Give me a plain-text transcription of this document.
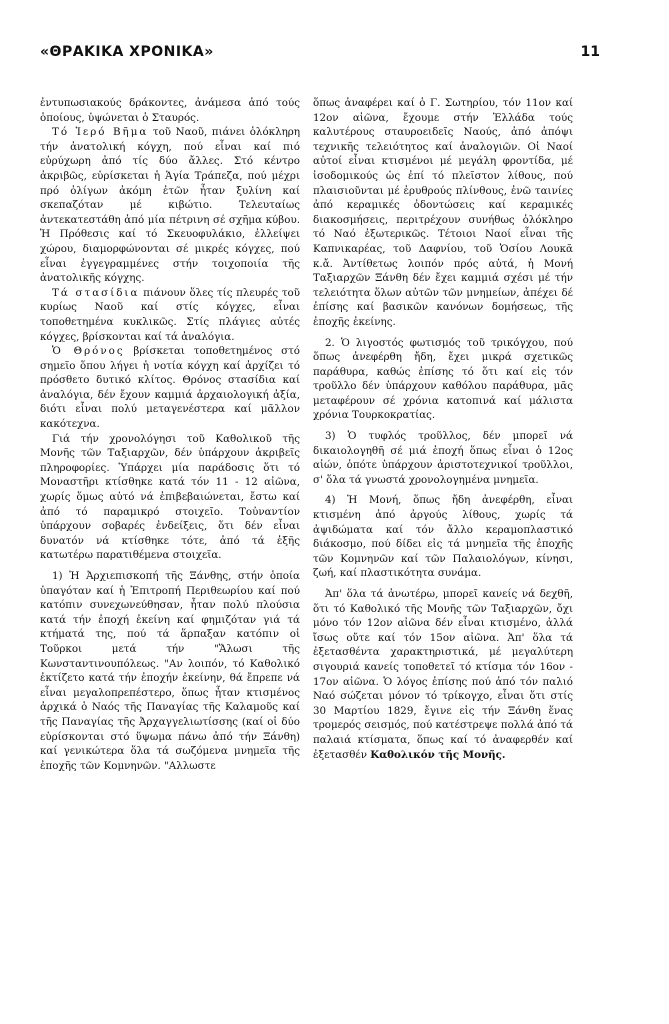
«ΘΡΑΚΙΚΑ ΧΡΟΝΙΚΑ»	11

ἐντυπωσιακούς δράκοντες, ἀνάμεσα ἀπό τούς ὁποίους, ὑψώνεται ὁ Σταυρός.

Τό Ἱερό Βῆμα τοῦ Ναοῦ, πιάνει ὁλόκληρη τήν ἀνατολική κόγχη, πού εἶναι καί πιό εὐρύχωρη ἀπό τίς δύο ἄλλες. Στό κέντρο ἀκριβῶς, εὑρίσκεται ἡ Ἁγία Τράπεζα, πού μέχρι πρό ὀλίγων ἀκόμη ἐτῶν ἦταν ξυλίνη καί σκεπαζόταν μέ κιβώτιο. Τελευταίως ἀντεκατεστάθη ἀπό μία πέτρινη σέ σχῆμα κύβου. Ἡ Πρόθεσις καί τό Σκευοφυλάκιο, ἐλλείψει χώρου, διαμορφώνονται σέ μικρές κόγχες, πού εἶναι ἐγγεγραμμένες στήν τοιχοποιία τῆς ἀνατολικῆς κόγχης.

Τά στασίδια πιάνουν ὅλες τίς πλευρές τοῦ κυρίως Ναοῦ καί στίς κόγχες, εἶναι τοποθετημένα κυκλικῶς. Στίς πλάγιες αὐτές κόγχες, βρίσκονται καί τά ἀναλόγια.

Ὁ Θρόνος βρίσκεται τοποθετημένος στό σημεῖο ὅπου λήγει ἡ νοτία κόγχη καί ἀρχίζει τό πρόσθετο δυτικό κλίτος. Θρόνος στασίδια καί ἀναλόγια, δέν ἔχουν καμμιά ἀρχαιολογική ἀξία, διότι εἶναι πολύ μεταγενέστερα καί μᾶλλον κακότεχνα.

Γιά τήν χρονολόγησι τοῦ Καθολικοῦ τῆς Μονῆς τῶν Ταξιαρχῶν, δέν ὑπάρχουν ἀκριβεῖς πληροφορίες. Ὑπάρχει μία παράδοσις ὅτι τό Μοναστῆρι κτίσθηκε κατά τόν 11 - 12 αἰῶνα, χωρίς ὅμως αὐτό νά ἐπιβεβαιώνεται, ἔστω καί ἀπό τό παραμικρό στοιχεῖο. Τοὐναντίον ὑπάρχουν σοβαρές ἐνδείξεις, ὅτι δέν εἶναι δυνατόν νά κτίσθηκε τότε, ἀπό τά ἑξῆς κατωτέρω παρατιθέμενα στοιχεῖα.

1) Ἡ Ἀρχιεπισκοπή τῆς Ξάνθης, στήν ὁποία ὑπαγόταν καί ἡ Ἐπιτροπή Περιθεωρίου καί πού κατόπιν συνεχωνεύθησαν, ἦταν πολύ πλούσια κατά τήν ἐποχή ἐκείνη καί φημιζόταν γιά τά κτήματά της, πού τά ἅρπαξαν κατόπιν οἱ Τοῦρκοι μετά τήν "Ἅλωσι τῆς Κωνσταντινουπόλεως. "Αν λοιπόν, τό Καθολικό ἐκτίζετο κατά τήν ἐποχήν ἐκείνην, θά ἔπρεπε νά εἶναι μεγαλοπρεπέστερο, ὅπως ἦταν κτισμένος ἀρχικά ὁ Ναός τῆς Παναγίας τῆς Καλαμοῦς καί τῆς Παναγίας τῆς Ἀρχαγγελιωτίσσης (καί οἱ δύο εὑρίσκονται στό ὕψωμα πάνω ἀπό τήν Ξάνθη) καί γενικώτερα ὅλα τά σωζόμενα μνημεῖα τῆς ἐποχῆς τῶν Κομνηνῶν. "Αλλωστε

ὅπως ἀναφέρει καί ὁ Γ. Σωτηρίου, τόν 11ον καί 12ον αἰῶνα, ἔχουμε στήν Ἑλλάδα τούς καλυτέρους σταυροειδεῖς Ναούς, ἀπό ἀπόψι τεχνικῆς τελειότητος καί ἀναλογιῶν. Οἱ Ναοί αὐτοί εἶναι κτισμένοι μέ μεγάλη φροντίδα, μέ ἰσοδομικούς ὡς ἐπί τό πλεῖστον λίθους, πού πλαισιοῦνται μέ ἐρυθρούς πλίνθους, ἐνῶ ταινίες ἀπό κεραμικές ὀδοντώσεις καί κεραμικές διακοσμήσεις, περιτρέχουν συνήθως ὁλόκληρο τό Ναό ἐξωτερικῶς. Τέτοιοι Ναοί εἶναι τῆς Καπνικαρέας, τοῦ Δαφνίου, τοῦ Ὁσίου Λουκᾶ κ.ἄ. Ἀντίθετως λοιπόν πρός αὐτά, ἡ Μονή Ταξιαρχῶν Ξάνθη δέν ἔχει καμμιά σχέσι μέ τήν τελειότητα ὅλων αὐτῶν τῶν μνημείων, ἀπέχει δέ ἐπίσης καί βασικῶν κανόνων δομήσεως, τῆς ἐποχῆς ἐκείνης.

2. Ὁ λιγοστός φωτισμός τοῦ τρικόγχου, πού ὅπως ἀνεφέρθη ἤδη, ἔχει μικρά σχετικῶς παράθυρα, καθώς ἐπίσης τό ὅτι καί εἰς τόν τροῦλλο δέν ὑπάρχουν καθόλου παράθυρα, μᾶς μεταφέρουν σέ χρόνια κατοπινά καί μάλιστα χρόνια Τουρκοκρατίας.

3) Ὁ τυφλός τροῦλλος, δέν μπορεῖ νά δικαιολογηθῆ σέ μιά ἐποχή ὅπως εἶναι ὁ 12ος αἰών, ὁπότε ὑπάρχουν ἀριστοτεχνικοί τροῦλλοι, σ' ὅλα τά γνωστά χρονολογημένα μνημεῖα.

4) Ἡ Μονή, ὅπως ἤδη ἀνεφέρθη, εἶναι κτισμένη ἀπό ἀργούς λίθους, χωρίς τά ἀψιδώματα καί τόν ἄλλο κεραμοπλαστικό διάκοσμο, πού δίδει εἰς τά μνημεῖα τῆς ἐποχῆς τῶν Κομνηνῶν καί τῶν Παλαιολόγων, κίνησι, ζωή, καί πλαστικότητα συνάμα.

Ἀπ' ὅλα τά ἀνωτέρω, μπορεῖ κανείς νά δεχθῆ, ὅτι τό Καθολικό τῆς Μονῆς τῶν Ταξιαρχῶν, ὄχι μόνο τόν 12ον αἰῶνα δέν εἶναι κτισμένο, ἀλλά ἴσως οὔτε καί τόν 15ον αἰῶνα. Ἀπ' ὅλα τά ἐξετασθέντα χαρακτηριστικά, μέ μεγαλύτερη σιγουριά κανείς τοποθετεῖ τό κτίσμα τόν 16ον - 17ον αἰῶνα. Ὁ λόγος ἐπίσης πού ἀπό τόν παλιό Ναό σώζεται μόνον τό τρίκογχο, εἶναι ὅτι στίς 30 Μαρτίου 1829, ἔγινε εἰς τήν Ξάνθη ἕνας τρομερός σεισμός, πού κατέστρεψε πολλά ἀπό τά παλαιά κτίσματα, ὅπως καί τό ἀναφερθέν καί ἐξετασθέν Καθολικόν τῆς Μονῆς.
